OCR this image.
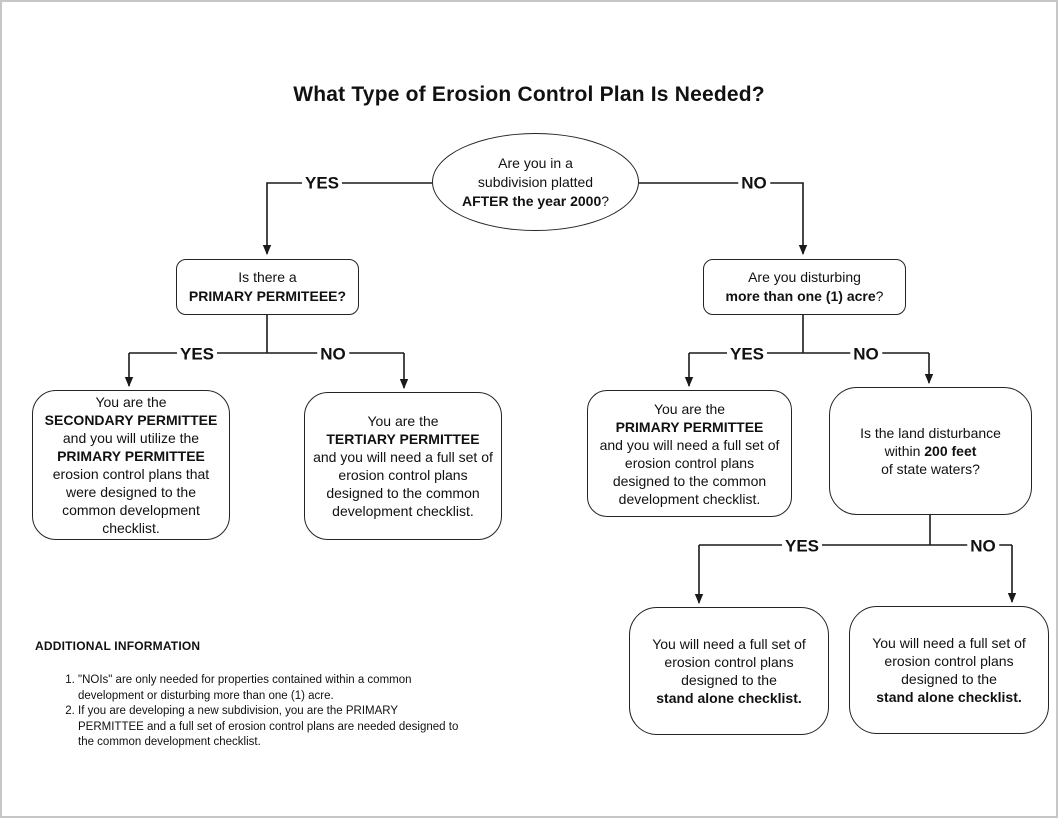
What Type of Erosion Control Plan Is Needed?
Are you in a
subdivision platted
AFTER the year 2000?
Is there a
PRIMARY PERMITEEE?
Are you disturbing
more than one (1) acre?
You are the
SECONDARY PERMITTEE
and you will utilize the
PRIMARY PERMITTEE
erosion control plans that
were designed to the
common development
checklist.
You are the
TERTIARY PERMITTEE
and you will need a full set of
erosion control plans
designed to the common
development checklist.
You are the
PRIMARY PERMITTEE
and you will need a full set of
erosion control plans
designed to the common
development checklist.
Is the land disturbance
within 200 feet
of state waters?
You will need a full set of
erosion control plans
designed to the
stand alone checklist.
You will need a full set of
erosion control plans
designed to the
stand alone checklist.
YES	NO
YES	NO	YES	NO
YES	NO
ADDITIONAL INFORMATION
1. "NOIs" are only needed for properties contained within a common development or disturbing more than one (1) acre.
2. If you are developing a new subdivision, you are the PRIMARY PERMITTEE and a full set of erosion control plans are needed designed to the common development checklist.
